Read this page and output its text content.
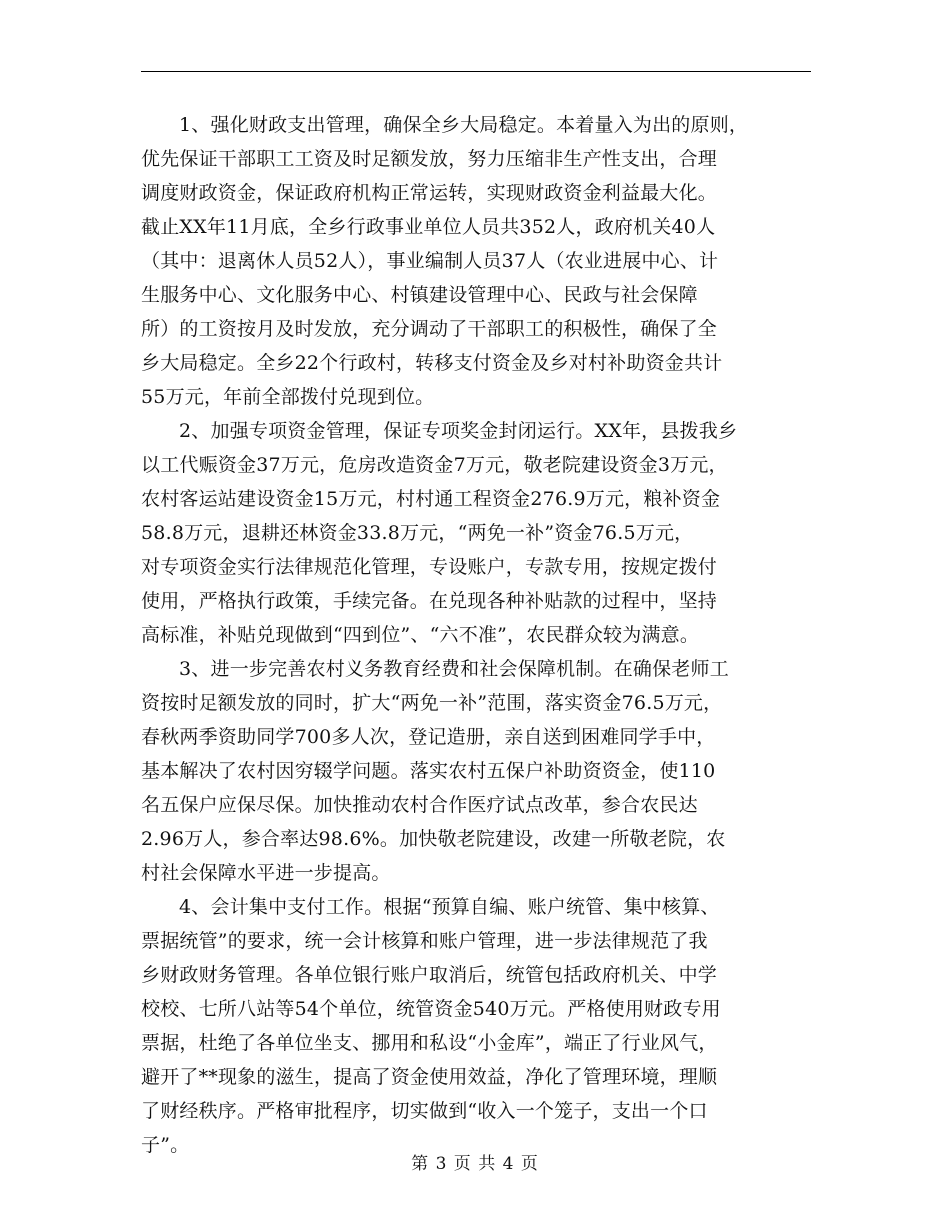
1、强化财政支出管理，确保全乡大局稳定。本着量入为出的原则，
优先保证干部职工工资及时足额发放，努力压缩非生产性支出，合理
调度财政资金，保证政府机构正常运转，实现财政资金利益最大化。
截止XX年11月底，全乡行政事业单位人员共352人，政府机关40人
（其中：退离休人员52人），事业编制人员37人（农业进展中心、计
生服务中心、文化服务中心、村镇建设管理中心、民政与社会保障
所）的工资按月及时发放，充分调动了干部职工的积极性，确保了全
乡大局稳定。全乡22个行政村，转移支付资金及乡对村补助资金共计
55万元，年前全部拨付兑现到位。
2、加强专项资金管理，保证专项奖金封闭运行。XX年，县拨我乡
以工代赈资金37万元，危房改造资金7万元，敬老院建设资金3万元，
农村客运站建设资金15万元，村村通工程资金276.9万元，粮补资金
58.8万元，退耕还林资金33.8万元，“两免一补”资金76.5万元，
对专项资金实行法律规范化管理，专设账户，专款专用，按规定拨付
使用，严格执行政策，手续完备。在兑现各种补贴款的过程中，坚持
高标准，补贴兑现做到“四到位”、“六不准”，农民群众较为满意。
3、进一步完善农村义务教育经费和社会保障机制。在确保老师工
资按时足额发放的同时，扩大“两免一补”范围，落实资金76.5万元，
春秋两季资助同学700多人次，登记造册，亲自送到困难同学手中，
基本解决了农村因穷辍学问题。落实农村五保户补助资资金，使110
名五保户应保尽保。加快推动农村合作医疗试点改革，参合农民达
2.96万人，参合率达98.6%。加快敬老院建设，改建一所敬老院，农
村社会保障水平进一步提高。
4、会计集中支付工作。根据“预算自编、账户统管、集中核算、
票据统管”的要求，统一会计核算和账户管理，进一步法律规范了我
乡财政财务管理。各单位银行账户取消后，统管包括政府机关、中学
校校、七所八站等54个单位，统管资金540万元。严格使用财政专用
票据，杜绝了各单位坐支、挪用和私设“小金库”，端正了行业风气，
避开了**现象的滋生，提高了资金使用效益，净化了管理环境，理顺
了财经秩序。严格审批程序，切实做到“收入一个笼子，支出一个口
子”。
第 3 页 共 4 页
